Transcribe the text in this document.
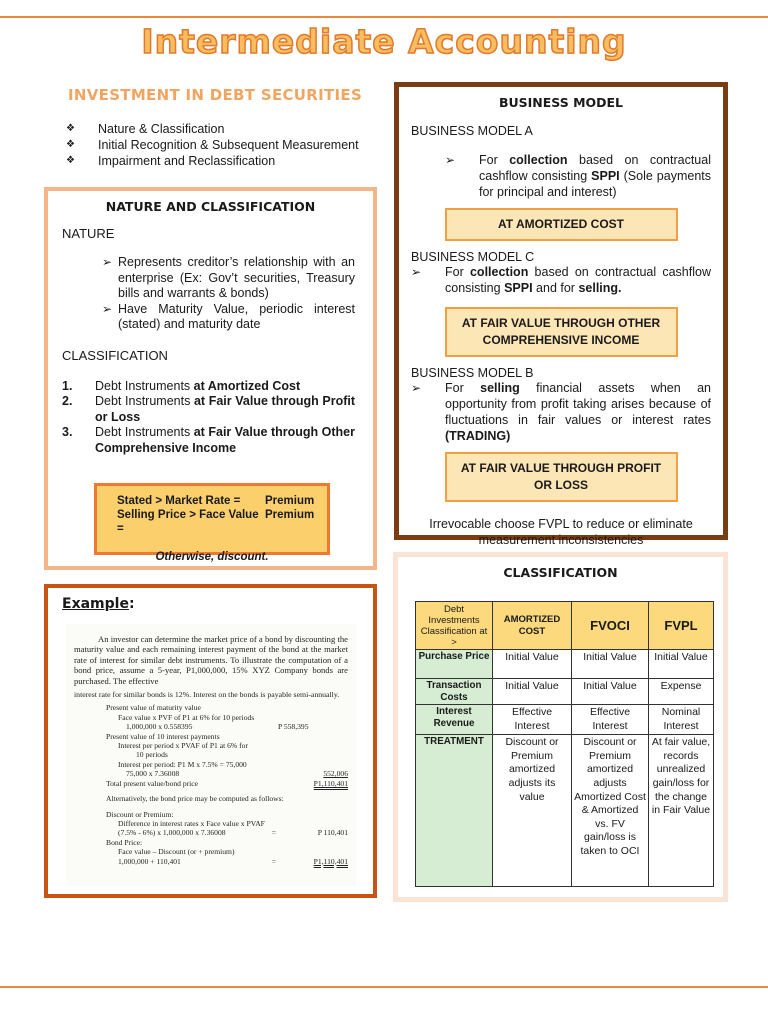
Intermediate Accounting
INVESTMENT IN DEBT SECURITIES
❖	Nature & Classification
❖	Initial Recognition & Subsequent Measurement
❖	Impairment and Reclassification
NATURE AND CLASSIFICATION
NATURE
➢ Represents creditor’s relationship with an enterprise (Ex: Gov’t securities, Treasury bills and warrants & bonds)
➢ Have Maturity Value, periodic interest (stated) and maturity date
CLASSIFICATION
1.	Debt Instruments at Amortized Cost
2.	Debt Instruments at Fair Value through Profit or Loss
3.	Debt Instruments at Fair Value through Other Comprehensive Income
Stated > Market Rate =	Premium
Selling Price > Face Value =
Premium
Otherwise, discount.
BUSINESS MODEL
BUSINESS MODEL A
➢	For collection based on contractual cashflow consisting SPPI (Sole payments for principal and interest)
AT AMORTIZED COST
BUSINESS MODEL C
➢	For collection based on contractual cashflow consisting SPPI and for selling.
AT FAIR VALUE THROUGH OTHER COMPREHENSIVE INCOME
BUSINESS MODEL B
➢	For selling financial assets when an opportunity from profit taking arises because of fluctuations in fair values or interest rates (TRADING)
AT FAIR VALUE THROUGH PROFIT OR LOSS
Irrevocable choose FVPL to reduce or eliminate measurement inconsistencies
Example:
An investor can determine the market price of a bond by discounting the maturity value and each remaining interest payment of the bond at the market rate of interest for similar debt instruments. To illustrate the computation of a bond price, assume a 5-year, P1,000,000, 15% XYZ Company bonds are purchased. The effective
interest rate for similar bonds is 12%. Interest on the bonds is payable semi-annually.
Present value of maturity value
Face value x PVF of P1 at 6% for 10 periods
1,000,000 x 0.558395	P 558,395
Present value of 10 interest payments
Interest per period x PVAF of P1 at 6% for
10 periods
Interest per period: P1 M x 7.5% = 75,000
75,000 x 7.36008	552,006
Total present value/bond price	P1,110,401
Alternatively, the bond price may be computed as follows:
Discount or Premium:
Difference in interest rates x Face value x PVAF
(7.5% - 6%) x 1,000,000 x 7.36008	=	P 110,401
Bond Price:
Face value – Discount (or + premium)
1,000,000 + 110,401	=	P1,110,401
CLASSIFICATION
Debt Investments Classification at >	AMORTIZED COST	FVOCI	FVPL
Purchase Price	Initial Value	Initial Value	Initial Value
Transaction Costs	Initial Value	Initial Value	Expense
Interest Revenue	Effective Interest	Effective Interest	Nominal Interest
TREATMENT	Discount or Premium amortized adjusts its value	Discount or Premium amortized adjusts Amortized Cost & Amortized vs. FV gain/loss is taken to OCI	At fair value, records unrealized gain/loss for the change in Fair Value
